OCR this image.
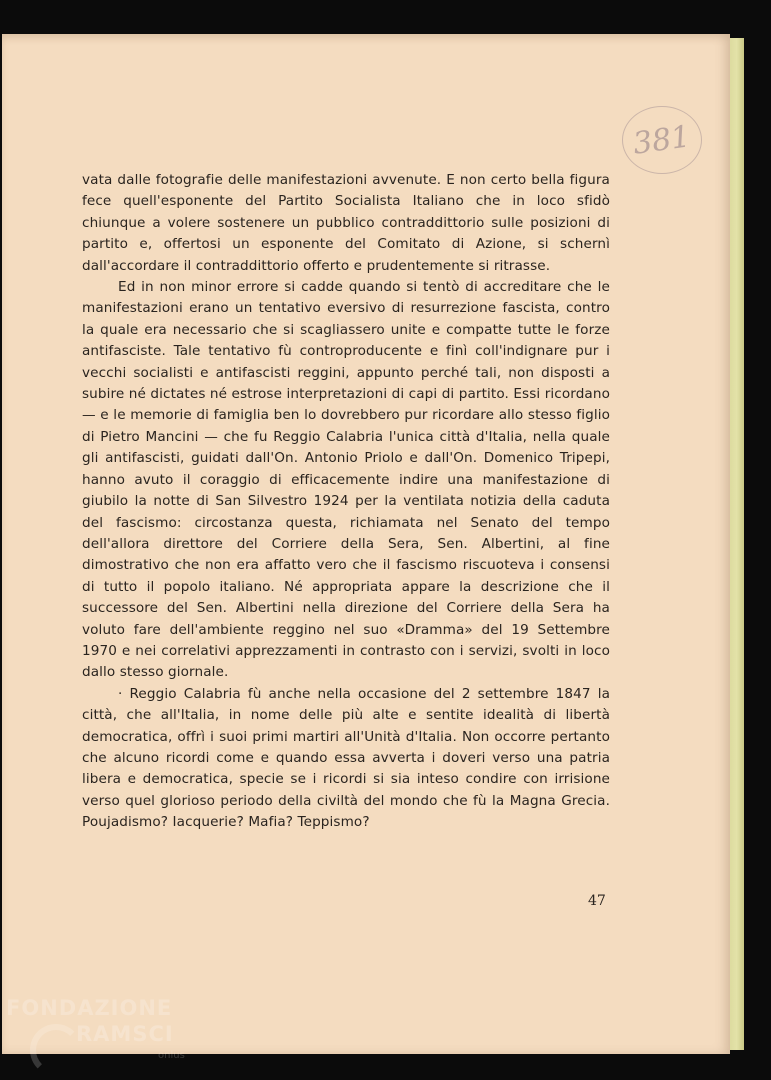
381

vata dalle fotografie delle manifestazioni avvenute. E non certo bella figura fece quell'esponente del Partito Socialista Italiano che in loco sfidò chiunque a volere sostenere un pubblico contraddittorio sulle posizioni di partito e, offertosi un esponente del Comitato di Azione, si schernì dall'accordare il contraddittorio offerto e prudentemente si ritrasse.

Ed in non minor errore si cadde quando si tentò di accreditare che le manifestazioni erano un tentativo eversivo di resurrezione fascista, contro la quale era necessario che si scagliassero unite e compatte tutte le forze antifasciste. Tale tentativo fù controproducente e finì coll'indignare pur i vecchi socialisti e antifascisti reggini, appunto perché tali, non disposti a subire né dictates né estrose interpretazioni di capi di partito. Essi ricordano — e le memorie di famiglia ben lo dovrebbero pur ricordare allo stesso figlio di Pietro Mancini — che fu Reggio Calabria l'unica città d'Italia, nella quale gli antifascisti, guidati dall'On. Antonio Priolo e dall'On. Domenico Tripepi, hanno avuto il coraggio di efficacemente indire una manifestazione di giubilo la notte di San Silvestro 1924 per la ventilata notizia della caduta del fascismo: circostanza questa, richiamata nel Senato del tempo dell'allora direttore del Corriere della Sera, Sen. Albertini, al fine dimostrativo che non era affatto vero che il fascismo riscuoteva i consensi di tutto il popolo italiano. Né appropriata appare la descrizione che il successore del Sen. Albertini nella direzione del Corriere della Sera ha voluto fare dell'ambiente reggino nel suo «Dramma» del 19 Settembre 1970 e nei correlativi apprezzamenti in contrasto con i servizi, svolti in loco dallo stesso giornale.

· Reggio Calabria fù anche nella occasione del 2 settembre 1847 la città, che all'Italia, in nome delle più alte e sentite idealità di libertà democratica, offrì i suoi primi martiri all'Unità d'Italia. Non occorre pertanto che alcuno ricordi come e quando essa avverta i doveri verso una patria libera e democratica, specie se i ricordi si sia inteso condire con irrisione verso quel glorioso periodo della civiltà del mondo che fù la Magna Grecia. Poujadismo? Iacquerie? Mafia? Teppismo?

47
FONDAZIONE
RAMSCI
onlus
